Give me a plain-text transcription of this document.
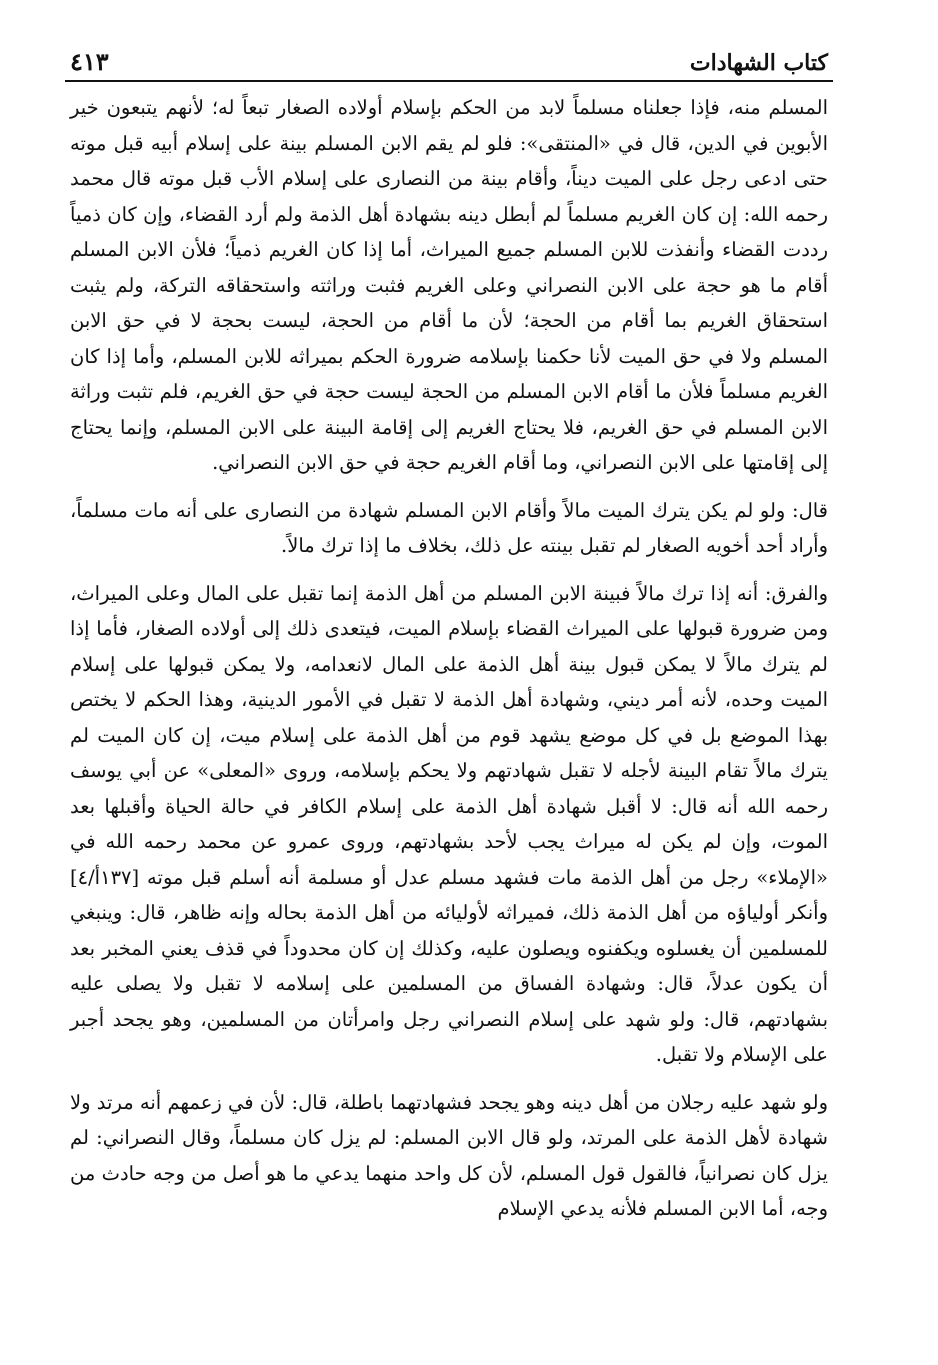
كتاب الشهادات
٤١٣

المسلم منه، فإذا جعلناه مسلماً لابد من الحكم بإسلام أولاده الصغار تبعاً له؛ لأنهم يتبعون خير الأبوين في الدين، قال في «المنتقى»: فلو لم يقم الابن المسلم بينة على إسلام أبيه قبل موته حتى ادعى رجل على الميت ديناً، وأقام بينة من النصارى على إسلام الأب قبل موته قال محمد رحمه الله: إن كان الغريم مسلماً لم أبطل دينه بشهادة أهل الذمة ولم أرد القضاء، وإن كان ذمياً رددت القضاء وأنفذت للابن المسلم جميع الميراث، أما إذا كان الغريم ذمياً؛ فلأن الابن المسلم أقام ما هو حجة على الابن النصراني وعلى الغريم فثبت وراثته واستحقاقه التركة، ولم يثبت استحقاق الغريم بما أقام من الحجة؛ لأن ما أقام من الحجة، ليست بحجة لا في حق الابن المسلم ولا في حق الميت لأنا حكمنا بإسلامه ضرورة الحكم بميراثه للابن المسلم، وأما إذا كان الغريم مسلماً فلأن ما أقام الابن المسلم من الحجة ليست حجة في حق الغريم، فلم تثبت وراثة الابن المسلم في حق الغريم، فلا يحتاج الغريم إلى إقامة البينة على الابن المسلم، وإنما يحتاج إلى إقامتها على الابن النصراني، وما أقام الغريم حجة في حق الابن النصراني.

قال: ولو لم يكن يترك الميت مالاً وأقام الابن المسلم شهادة من النصارى على أنه مات مسلماً، وأراد أحد أخويه الصغار لم تقبل بينته عل ذلك، بخلاف ما إذا ترك مالاً.

والفرق: أنه إذا ترك مالاً فبينة الابن المسلم من أهل الذمة إنما تقبل على المال وعلى الميراث، ومن ضرورة قبولها على الميراث القضاء بإسلام الميت، فيتعدى ذلك إلى أولاده الصغار، فأما إذا لم يترك مالاً لا يمكن قبول بينة أهل الذمة على المال لانعدامه، ولا يمكن قبولها على إسلام الميت وحده، لأنه أمر ديني، وشهادة أهل الذمة لا تقبل في الأمور الدينية، وهذا الحكم لا يختص بهذا الموضع بل في كل موضع يشهد قوم من أهل الذمة على إسلام ميت، إن كان الميت لم يترك مالاً تقام البينة لأجله لا تقبل شهادتهم ولا يحكم بإسلامه، وروى «المعلى» عن أبي يوسف رحمه الله أنه قال: لا أقبل شهادة أهل الذمة على إسلام الكافر في حالة الحياة وأقبلها بعد الموت، وإن لم يكن له ميراث يجب لأحد بشهادتهم، وروى عمرو عن محمد رحمه الله في «الإملاء» رجل من أهل الذمة مات فشهد مسلم عدل أو مسلمة أنه أسلم قبل موته [١٣٧أ/٤] وأنكر أولياؤه من أهل الذمة ذلك، فميراثه لأوليائه من أهل الذمة بحاله وإنه ظاهر، قال: وينبغي للمسلمين أن يغسلوه ويكفنوه ويصلون عليه، وكذلك إن كان محدوداً في قذف يعني المخبر بعد أن يكون عدلاً، قال: وشهادة الفساق من المسلمين على إسلامه لا تقبل ولا يصلى عليه بشهادتهم، قال: ولو شهد على إسلام النصراني رجل وامرأتان من المسلمين، وهو يجحد أجبر على الإسلام ولا تقبل.

ولو شهد عليه رجلان من أهل دينه وهو يجحد فشهادتهما باطلة، قال: لأن في زعمهم أنه مرتد ولا شهادة لأهل الذمة على المرتد، ولو قال الابن المسلم: لم يزل كان مسلماً، وقال النصراني: لم يزل كان نصرانياً، فالقول قول المسلم، لأن كل واحد منهما يدعي ما هو أصل من وجه حادث من وجه، أما الابن المسلم فلأنه يدعي الإسلام
